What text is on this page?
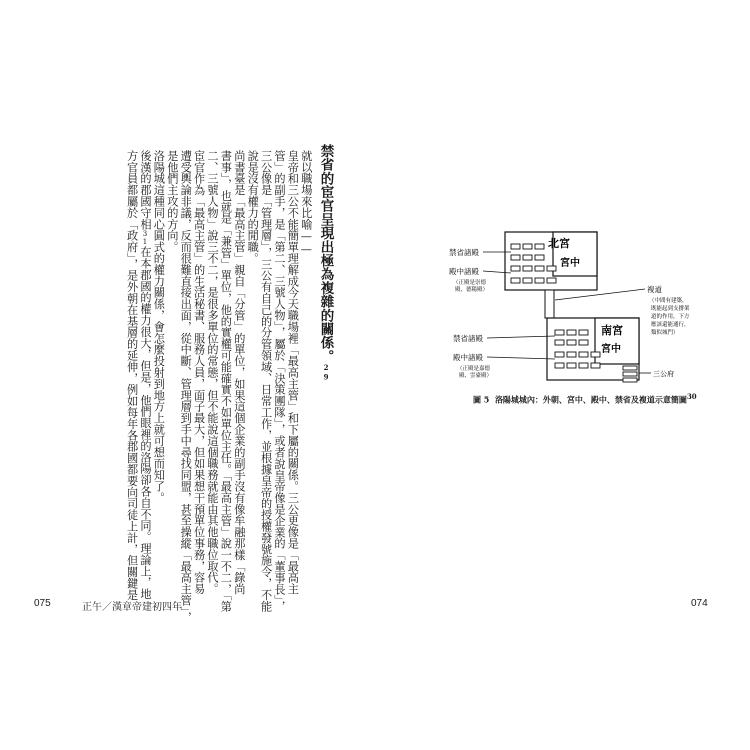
禁省的宦官呈現出極為複雜的關係。29
就以職場來比喻——
皇帝和三公不能簡單理解成今天職場裡「最高主管」和下屬的關係。三公更像是「最高主
管」的副手，是「第二、三號人物」，屬於「決策團隊」，或者說皇帝像是企業的「董事長」，
三公像是「管理層」，三公有自己的分管領域、日常工作，並根據皇帝的授權發號施令，不能
說是沒有權力的閒職。
尚書臺是「最高主管」親自「分管」的單位，如果這個企業的副手沒有像牟融那樣「錄尚
書事」，也就是「兼管」單位，他的實權可能確實不如單位主任。「最高主管」說一不二，「第
二、三號人物」說三不二，是很多單位的常態，但不能說這個職務就能由其他職位取代。
宦官作為「最高主管」的生活秘書、服務人員，面子最大，但如果想干預單位事務，容易
遭受輿論非議，反而很難直接出面，從中斷、管理層到手中尋找同盟，甚至操縱「最高主管」，
是他們主攻的方向。
洛陽城這種同心圓式的權力關係，會怎麼投射到地方上就可想而知了。
後漢的郡國守相31在本郡國的權力很大，但是，他們眼裡的洛陽卻各自不同。理論上，地
方官員都屬於「政府」，是外朝在基層的延伸，例如每年各郡國都要向司徒上計，但關鍵是
075	正午／漢章帝建初四年
北宮
宮中
南宮
宮中
三公府
禁省諸殿
殿中諸殿
（正殿是崇德
殿、德陽殿）
禁省諸殿
殿中諸殿
（正殿是嘉德
殿、雲臺殿）
複道
（中間有建築，
既能起到支撐架
道的作用，下方
應該還能通行，
類似城門）
圖 5 洛陽城城內：外朝、宮中、殿中、禁省及複道示意簡圖$^{30}$
074
